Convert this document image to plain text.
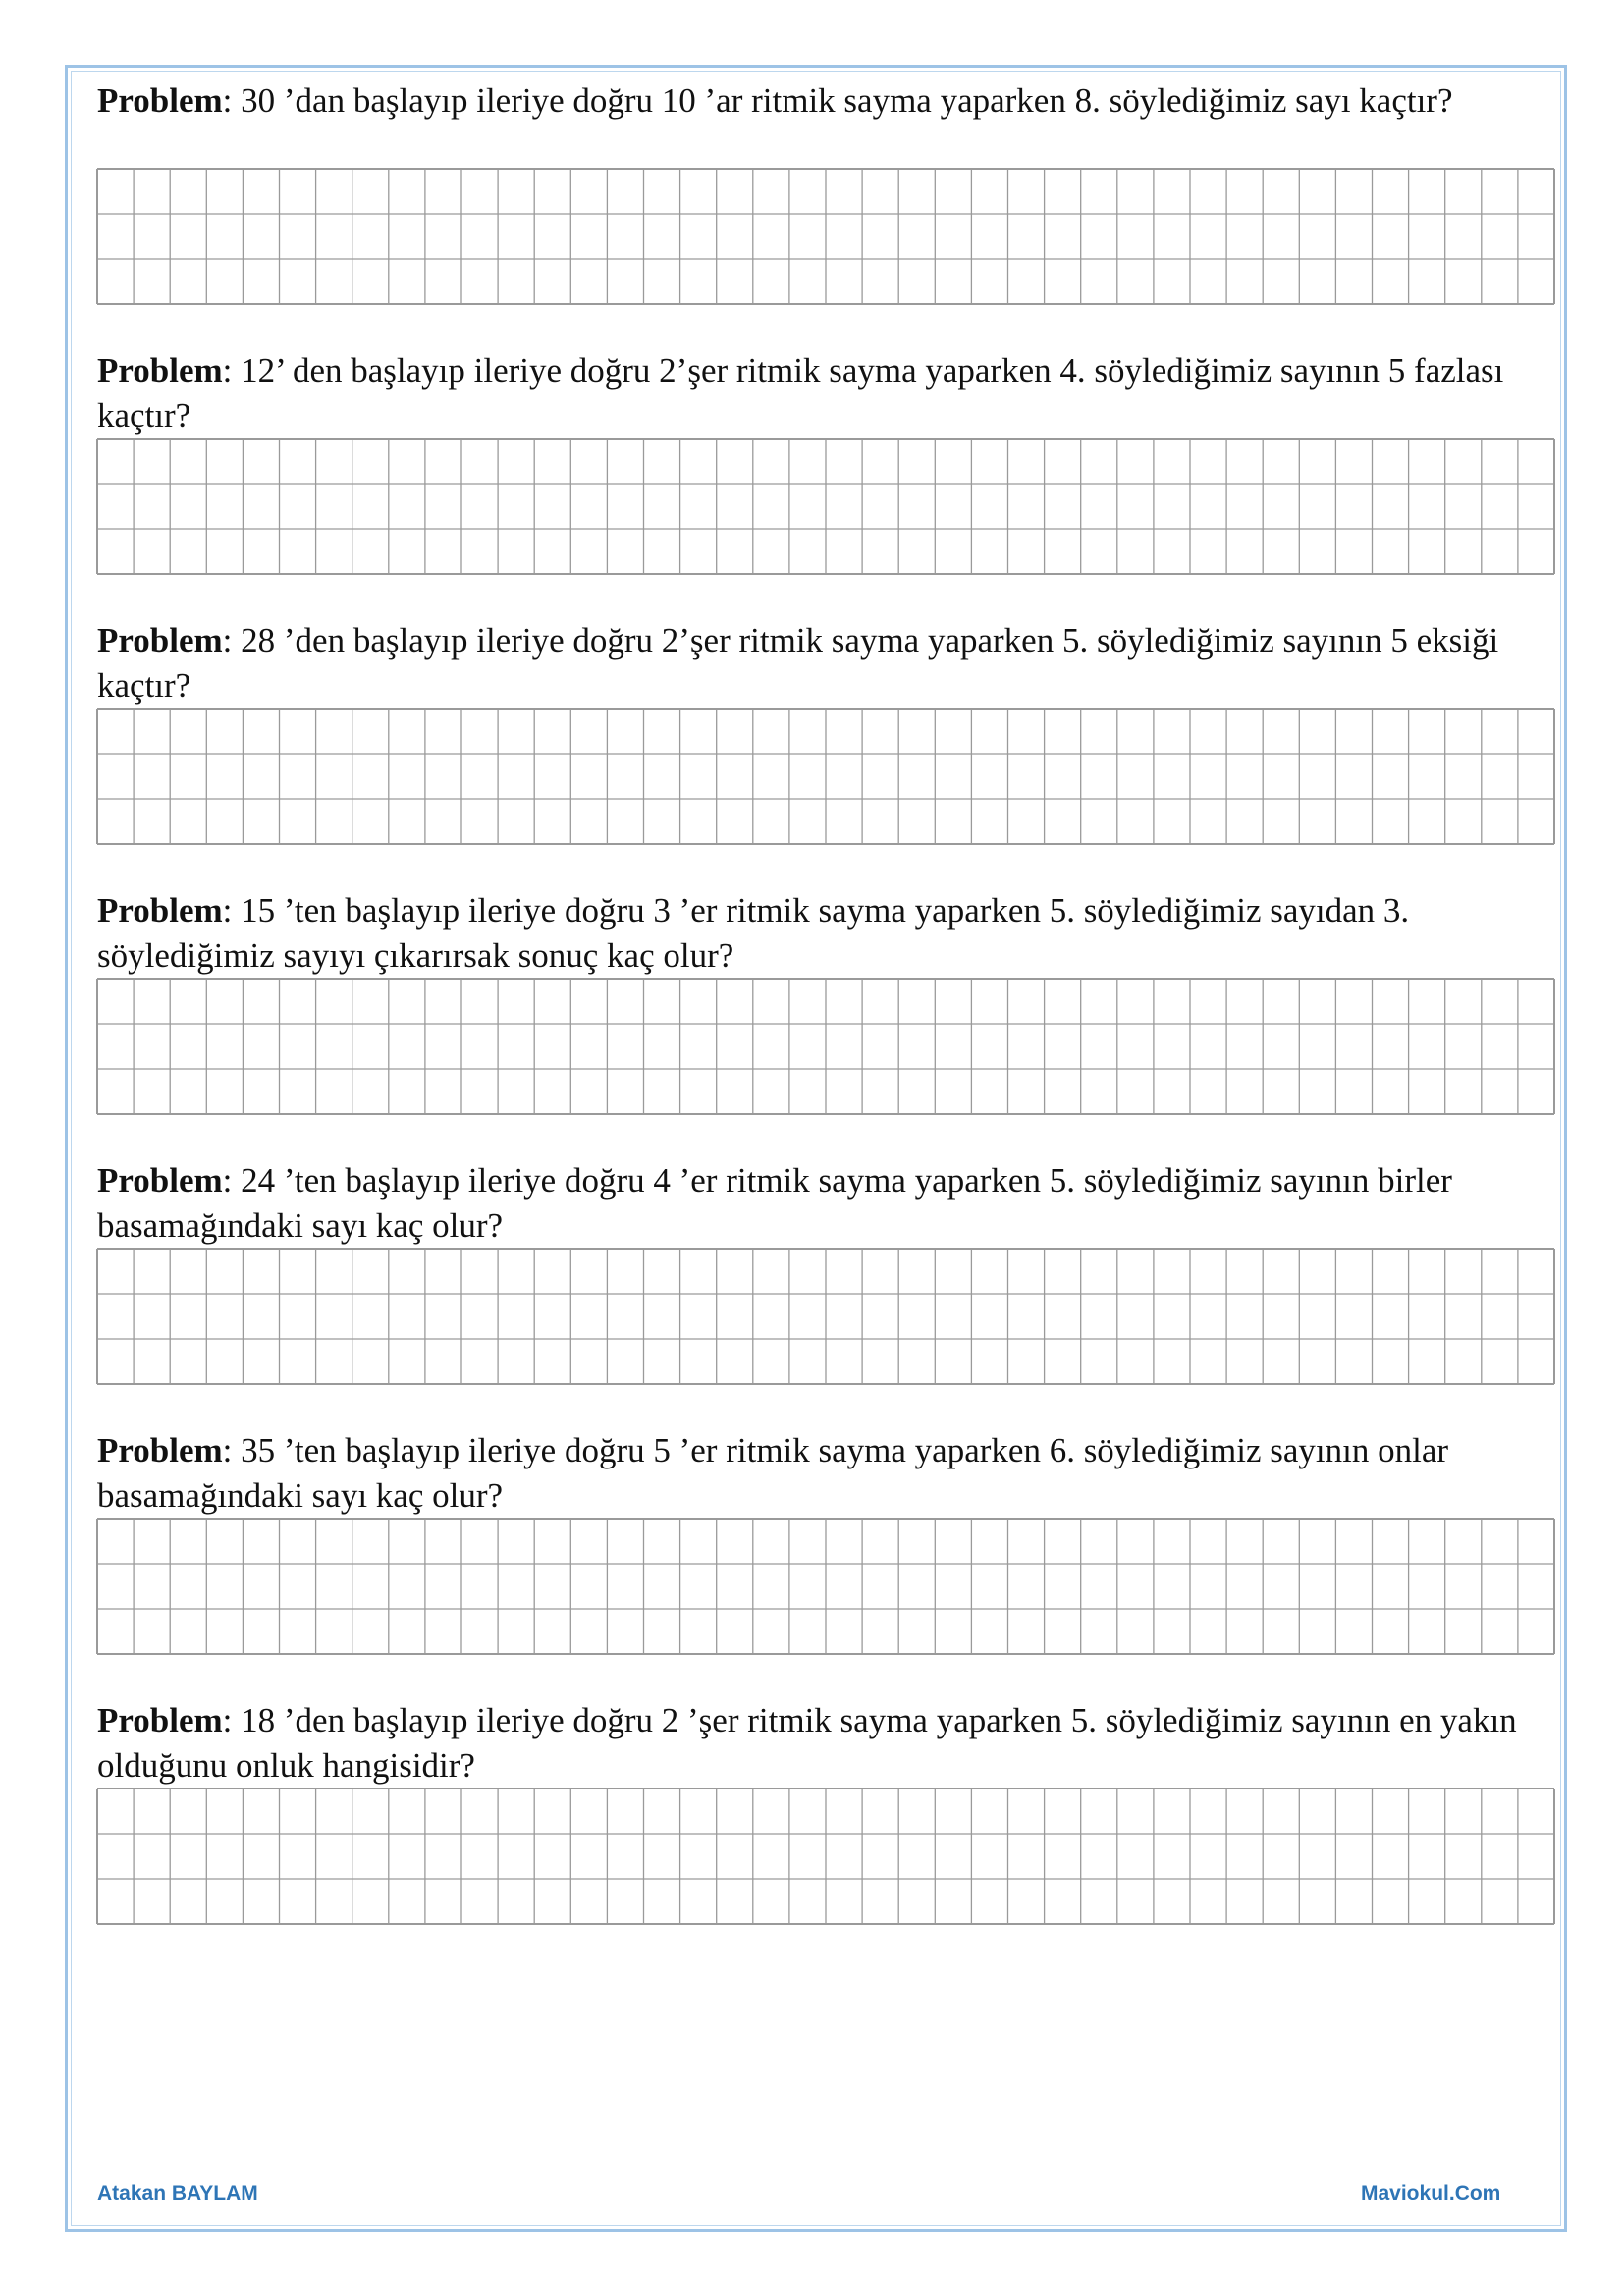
Problem: 30 ’dan başlayıp ileriye doğru 10 ’ar ritmik sayma yaparken 8. söylediğimiz sayı kaçtır?

Problem: 12’ den başlayıp ileriye doğru 2’şer ritmik sayma yaparken 4. söylediğimiz sayının 5 fazlası kaçtır?

Problem: 28 ’den başlayıp ileriye doğru 2’şer ritmik sayma yaparken 5. söylediğimiz sayının 5 eksiği kaçtır?

Problem: 15 ’ten başlayıp ileriye doğru 3 ’er ritmik sayma yaparken 5. söylediğimiz sayıdan 3. söylediğimiz sayıyı çıkarırsak sonuç kaç olur?

Problem: 24 ’ten başlayıp ileriye doğru 4 ’er ritmik sayma yaparken 5. söylediğimiz sayının birler basamağındaki sayı kaç olur?

Problem: 35 ’ten başlayıp ileriye doğru 5 ’er ritmik sayma yaparken 6. söylediğimiz sayının onlar basamağındaki sayı kaç olur?

Problem: 18 ’den başlayıp ileriye doğru 2 ’şer ritmik sayma yaparken 5. söylediğimiz sayının en yakın olduğunu onluk hangisidir?

Atakan BAYLAM	Maviokul.Com
